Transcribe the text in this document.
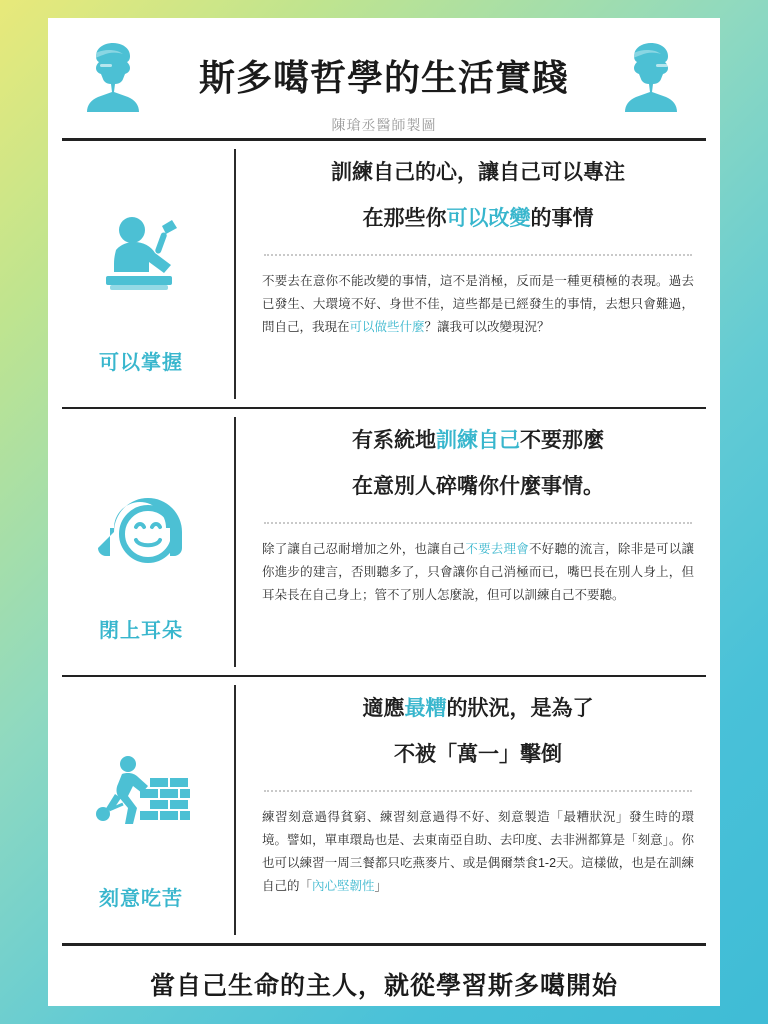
斯多噶哲學的生活實踐
陳瑲丞醫師製圖
可以掌握
訓練自己的心，讓自己可以專注
在那些你可以改變的事情
不要去在意你不能改變的事情，這不是消極，反而是一種更積極的表現。過去已發生、大環境不好、身世不佳，這些都是已經發生的事情，去想只會難過，問自己，我現在可以做些什麼？讓我可以改變現況？
閉上耳朵
有系統地訓練自己不要那麼
在意別人碎嘴你什麼事情。
除了讓自己忍耐增加之外，也讓自己不要去理會不好聽的流言，除非是可以讓你進步的建言，否則聽多了，只會讓你自己消極而已，嘴巴長在別人身上，但耳朵長在自己身上；管不了別人怎麼說，但可以訓練自己不要聽。
刻意吃苦
適應最糟的狀況，是為了
不被「萬一」擊倒
練習刻意過得貧窮、練習刻意過得不好、刻意製造「最糟狀況」發生時的環境。譬如，單車環島也是、去東南亞自助、去印度、去非洲都算是「刻意」。你也可以練習一周三餐都只吃燕麥片、或是偶爾禁食1-2天。這樣做，也是在訓練自己的「內心堅韌性」
當自己生命的主人，就從學習斯多噶開始
